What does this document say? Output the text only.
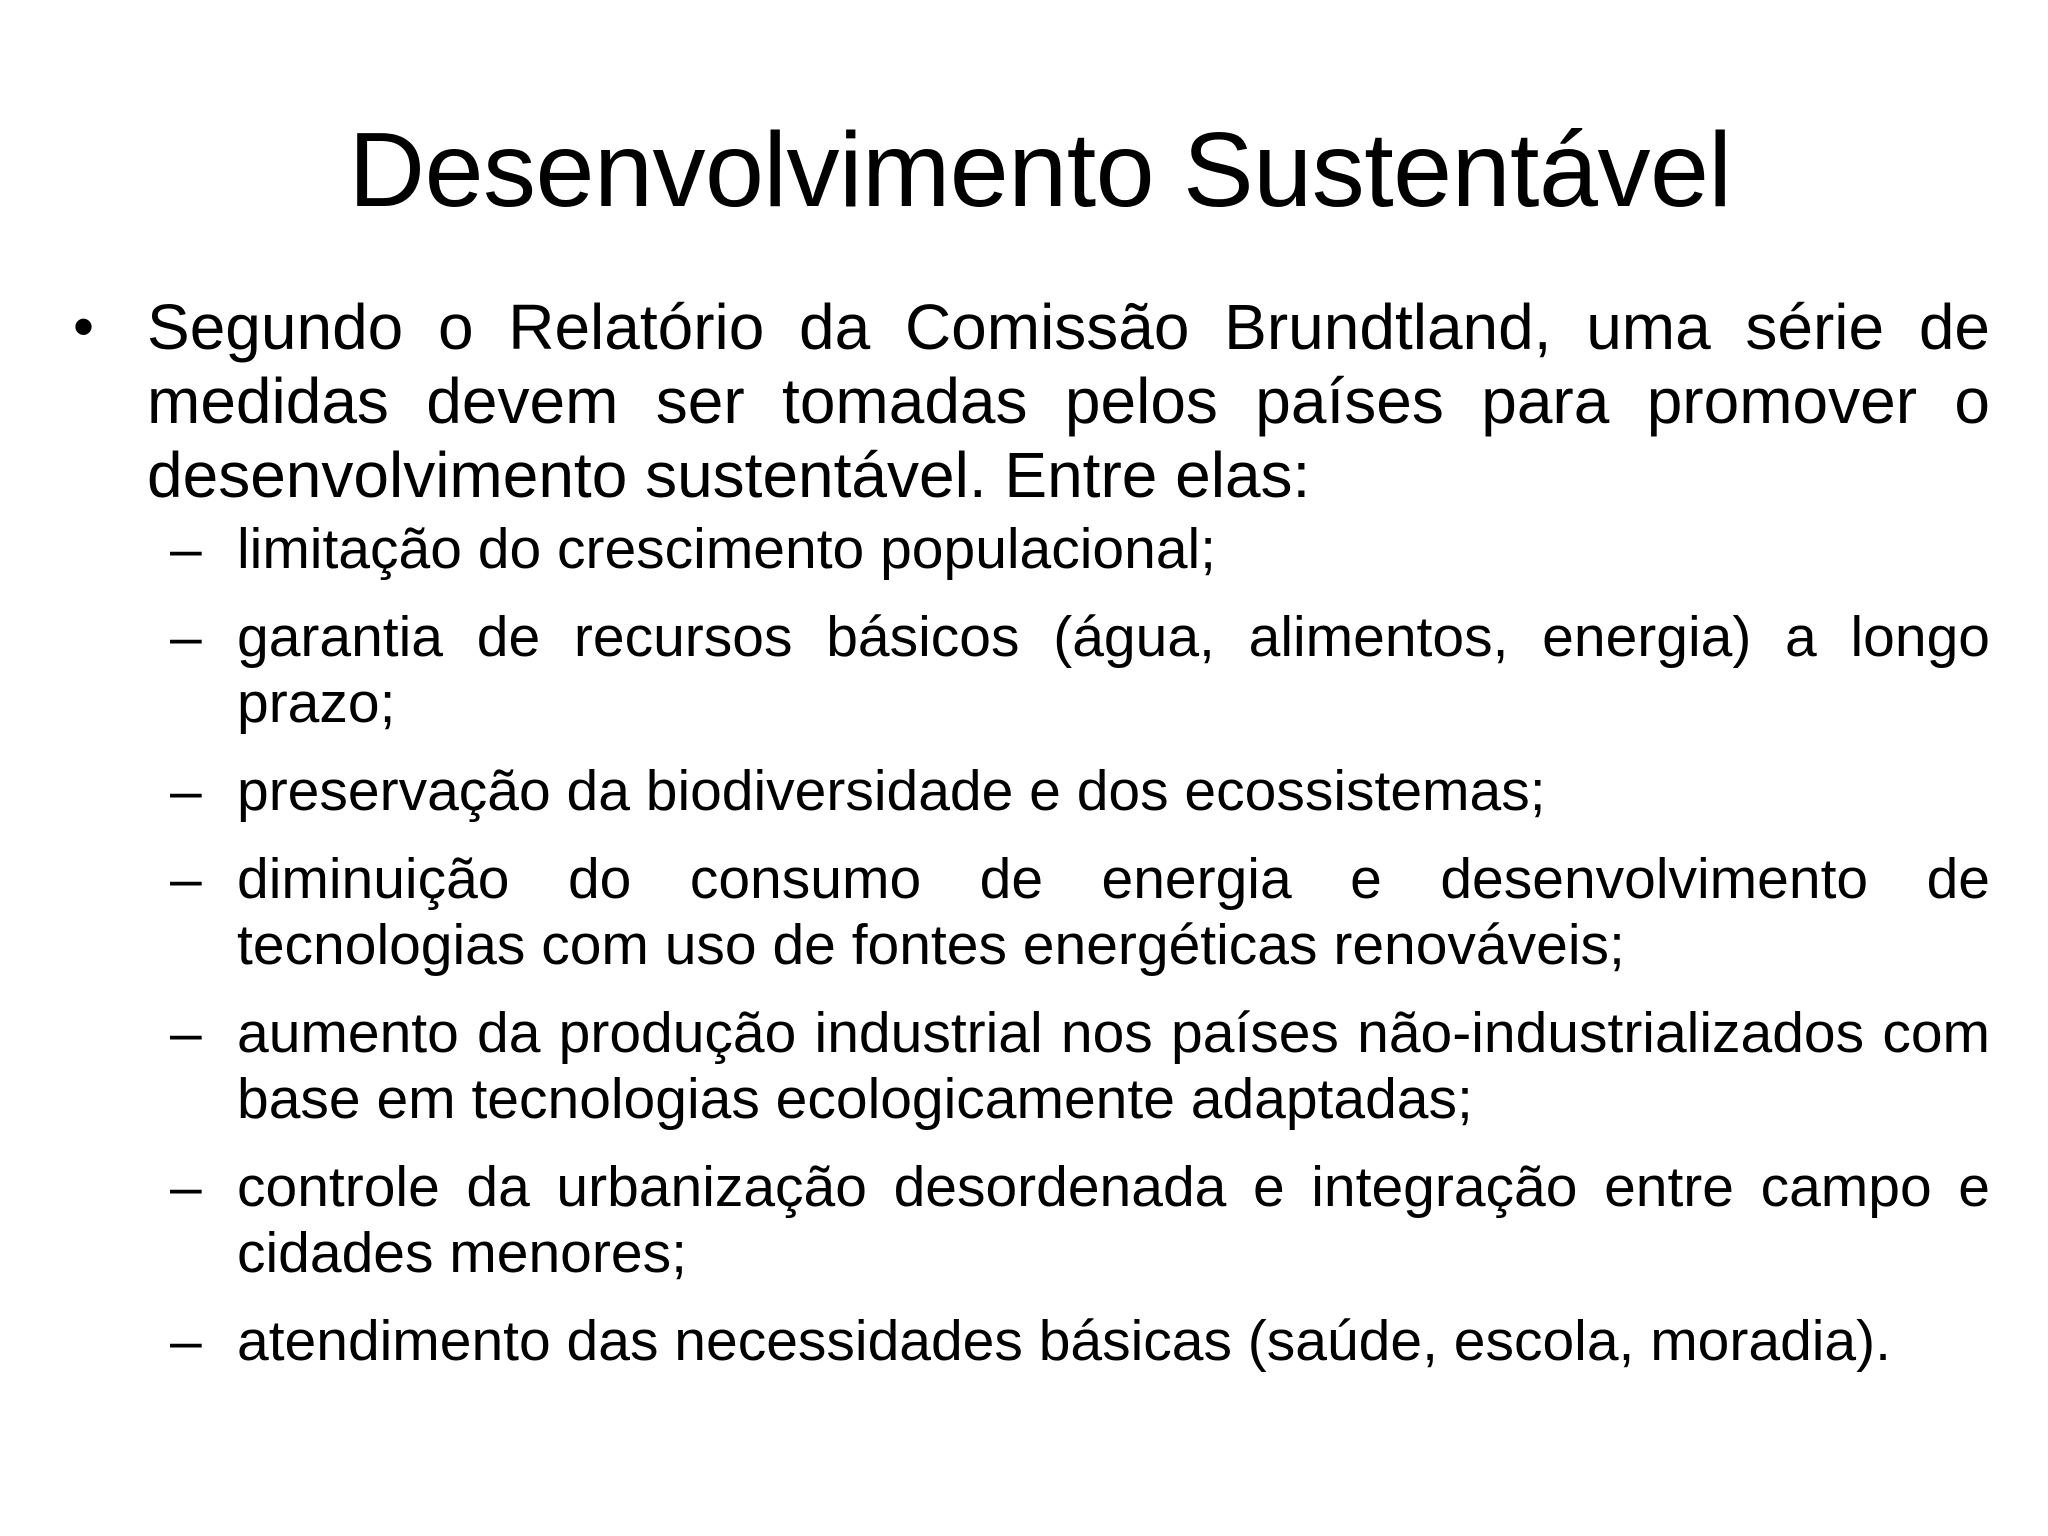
Desenvolvimento Sustentável

• Segundo o Relatório da Comissão Brundtland, uma série de medidas devem ser tomadas pelos países para promover o desenvolvimento sustentável. Entre elas:

– limitação do crescimento populacional;
– garantia de recursos básicos (água, alimentos, energia) a longo prazo;
– preservação da biodiversidade e dos ecossistemas;
– diminuição do consumo de energia e desenvolvimento de tecnologias com uso de fontes energéticas renováveis;
– aumento da produção industrial nos países não-industrializados com base em tecnologias ecologicamente adaptadas;
– controle da urbanização desordenada e integração entre campo e cidades menores;
– atendimento das necessidades básicas (saúde, escola, moradia).
